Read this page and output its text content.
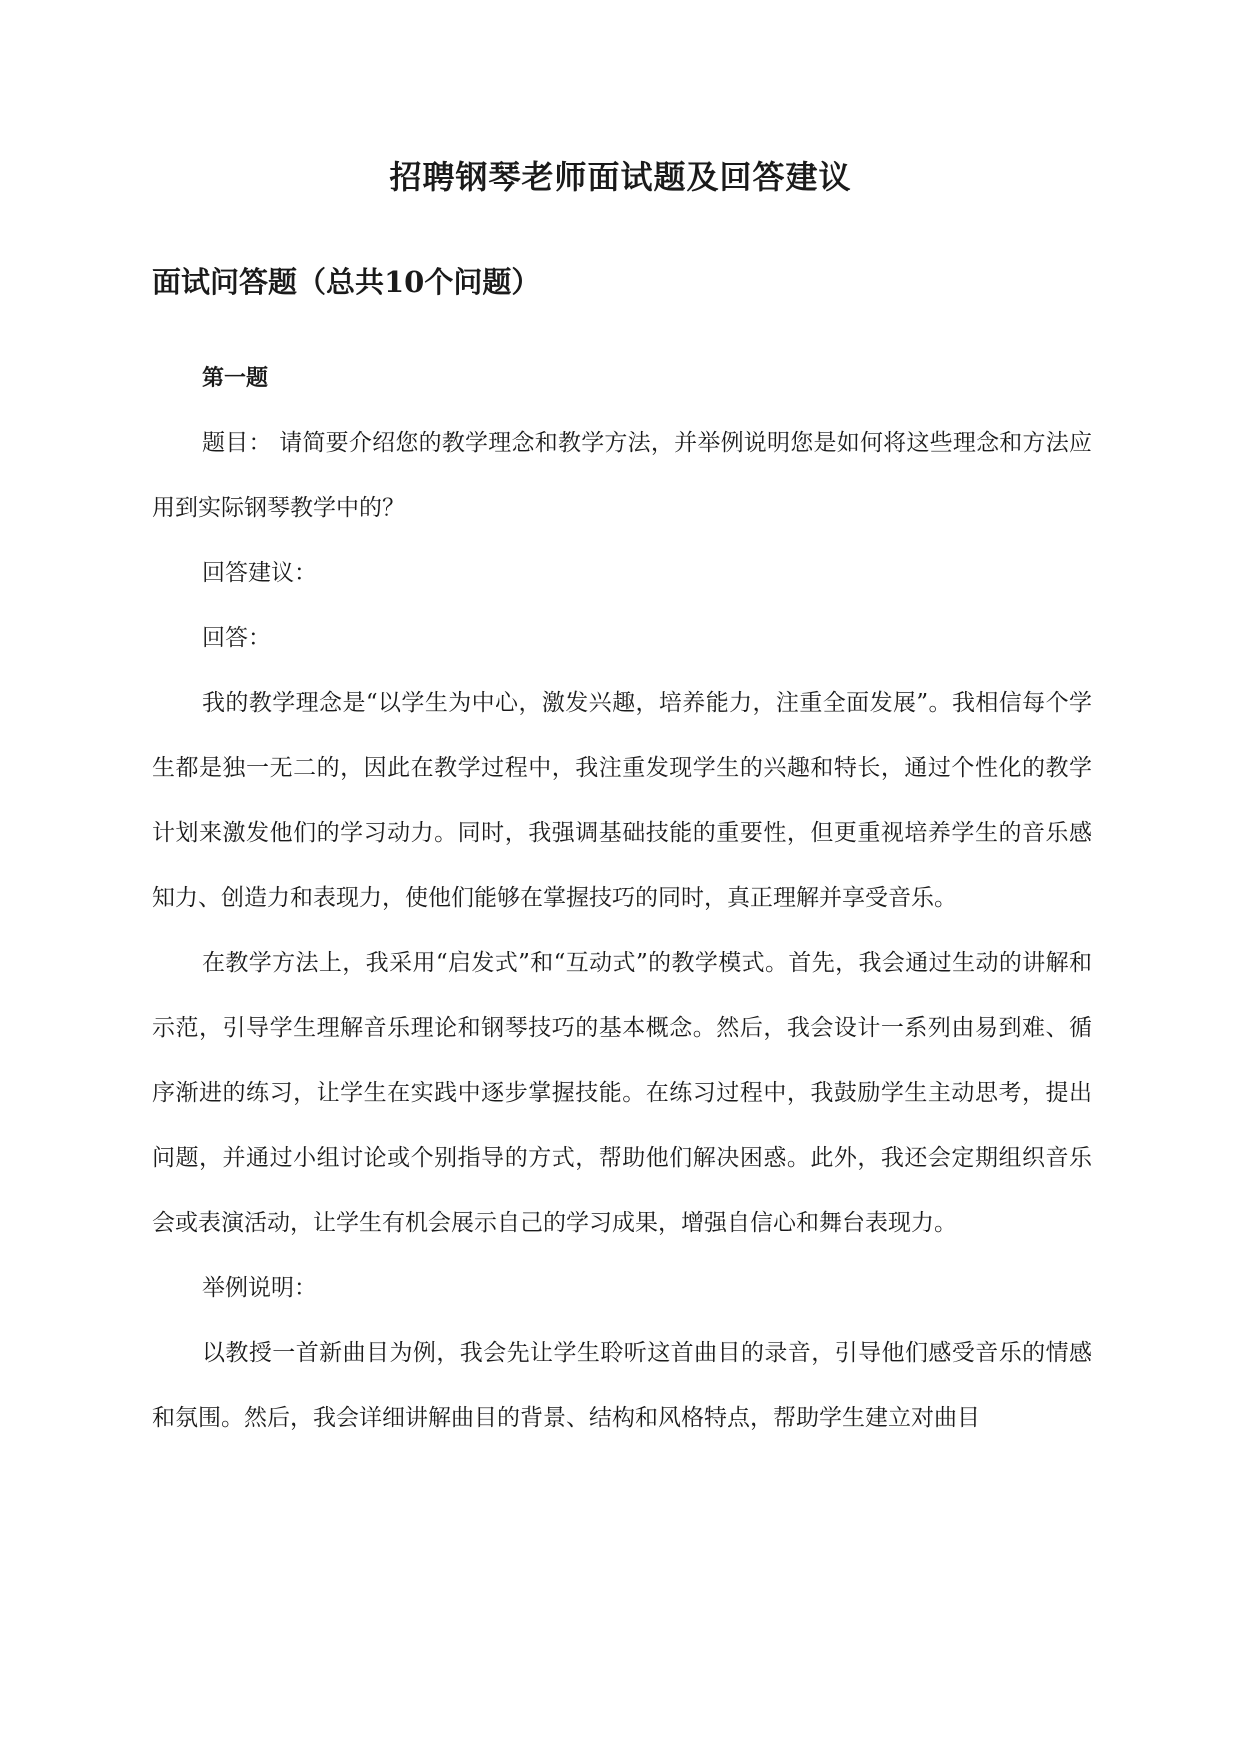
招聘钢琴老师面试题及回答建议
面试问答题（总共10个问题）

第一题

题目： 请简要介绍您的教学理念和教学方法，并举例说明您是如何将这些理念和方法应用到实际钢琴教学中的？

回答建议：

回答：

我的教学理念是“以学生为中心，激发兴趣，培养能力，注重全面发展”。我相信每个学生都是独一无二的，因此在教学过程中，我注重发现学生的兴趣和特长，通过个性化的教学计划来激发他们的学习动力。同时，我强调基础技能的重要性，但更重视培养学生的音乐感知力、创造力和表现力，使他们能够在掌握技巧的同时，真正理解并享受音乐。

在教学方法上，我采用“启发式”和“互动式”的教学模式。首先，我会通过生动的讲解和示范，引导学生理解音乐理论和钢琴技巧的基本概念。然后，我会设计一系列由易到难、循序渐进的练习，让学生在实践中逐步掌握技能。在练习过程中，我鼓励学生主动思考，提出问题，并通过小组讨论或个别指导的方式，帮助他们解决困惑。此外，我还会定期组织音乐会或表演活动，让学生有机会展示自己的学习成果，增强自信心和舞台表现力。

举例说明：

以教授一首新曲目为例，我会先让学生聆听这首曲目的录音，引导他们感受音乐的情感和氛围。然后，我会详细讲解曲目的背景、结构和风格特点，帮助学生建立对曲目
